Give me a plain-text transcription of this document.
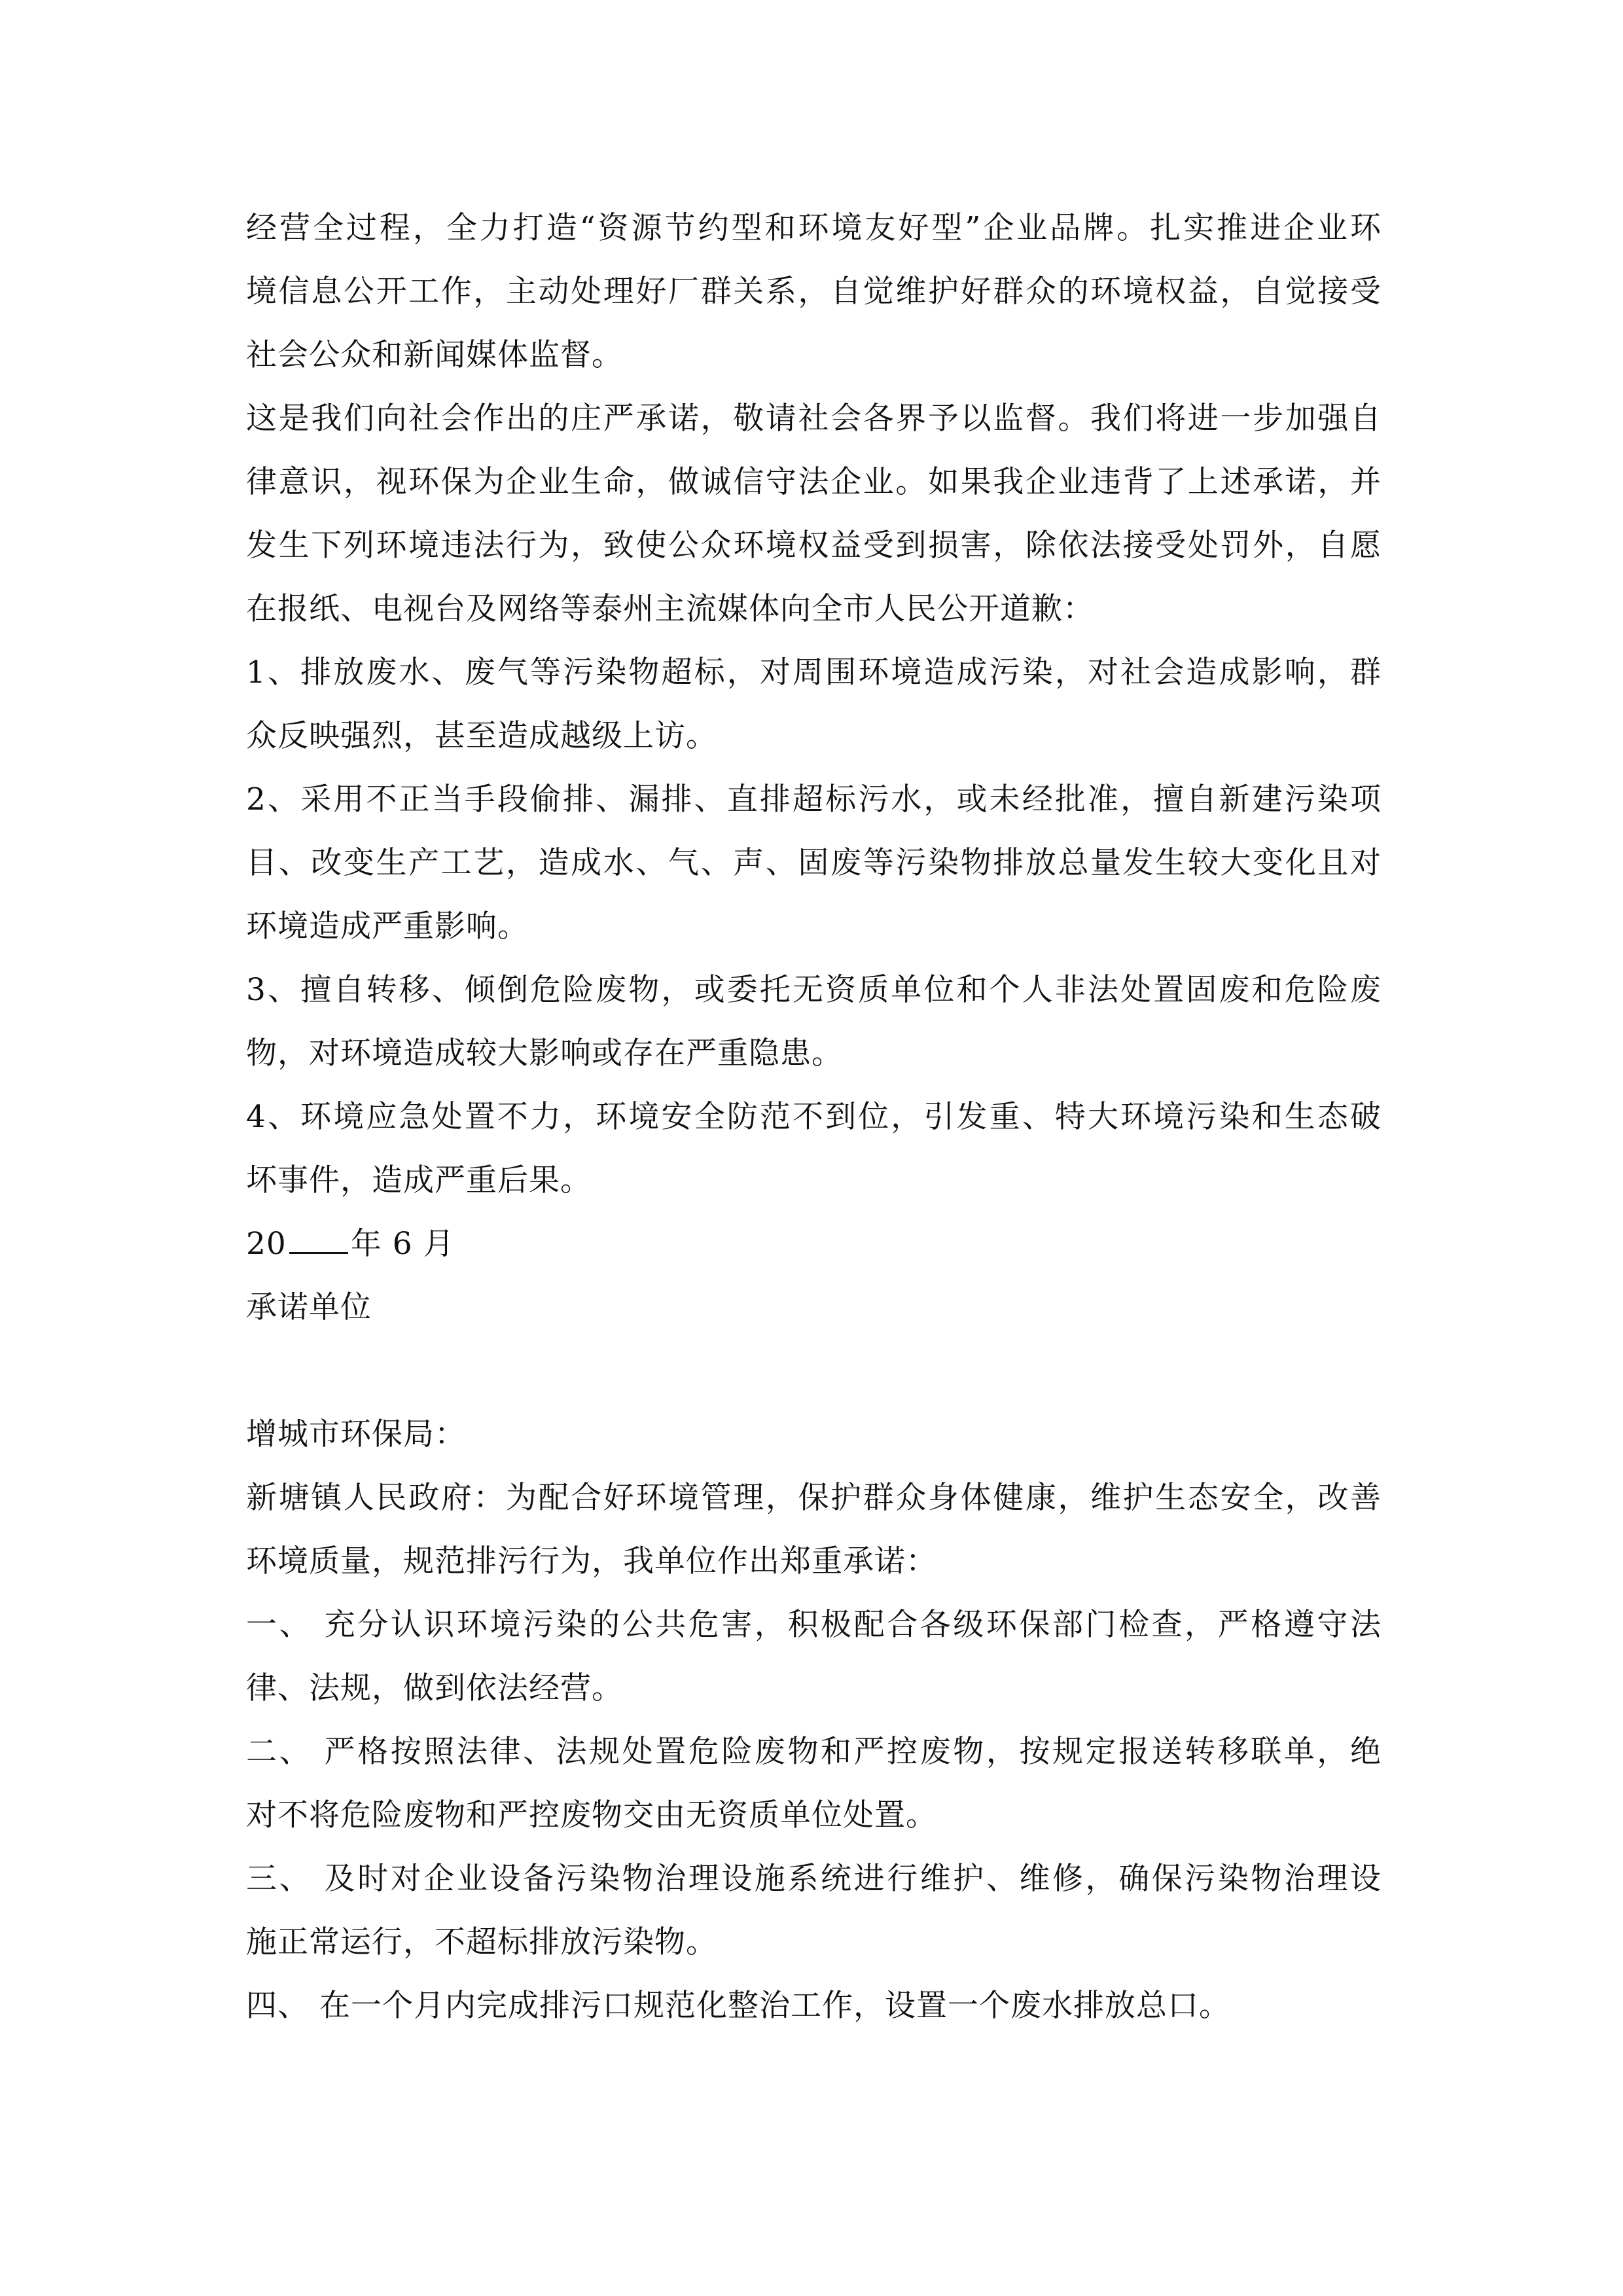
经营全过程，全力打造“资源节约型和环境友好型”企业品牌。扎实推进企业环
境信息公开工作，主动处理好厂群关系，自觉维护好群众的环境权益，自觉接受
社会公众和新闻媒体监督。
这是我们向社会作出的庄严承诺，敬请社会各界予以监督。我们将进一步加强自
律意识，视环保为企业生命，做诚信守法企业。如果我企业违背了上述承诺，并
发生下列环境违法行为，致使公众环境权益受到损害，除依法接受处罚外，自愿
在报纸、电视台及网络等泰州主流媒体向全市人民公开道歉：
1、排放废水、废气等污染物超标，对周围环境造成污染，对社会造成影响，群
众反映强烈，甚至造成越级上访。
2、采用不正当手段偷排、漏排、直排超标污水，或未经批准，擅自新建污染项
目、改变生产工艺，造成水、气、声、固废等污染物排放总量发生较大变化且对
环境造成严重影响。
3、擅自转移、倾倒危险废物，或委托无资质单位和个人非法处置固废和危险废
物，对环境造成较大影响或存在严重隐患。
4、环境应急处置不力，环境安全防范不到位，引发重、特大环境污染和生态破
坏事件，造成严重后果。
20 年 6 月
承诺单位
增城市环保局：
新塘镇人民政府：为配合好环境管理，保护群众身体健康，维护生态安全，改善
环境质量，规范排污行为，我单位作出郑重承诺：
一、 充分认识环境污染的公共危害，积极配合各级环保部门检查，严格遵守法
律、法规，做到依法经营。
二、 严格按照法律、法规处置危险废物和严控废物，按规定报送转移联单，绝
对不将危险废物和严控废物交由无资质单位处置。
三、 及时对企业设备污染物治理设施系统进行维护、维修，确保污染物治理设
施正常运行，不超标排放污染物。
四、 在一个月内完成排污口规范化整治工作，设置一个废水排放总口。
